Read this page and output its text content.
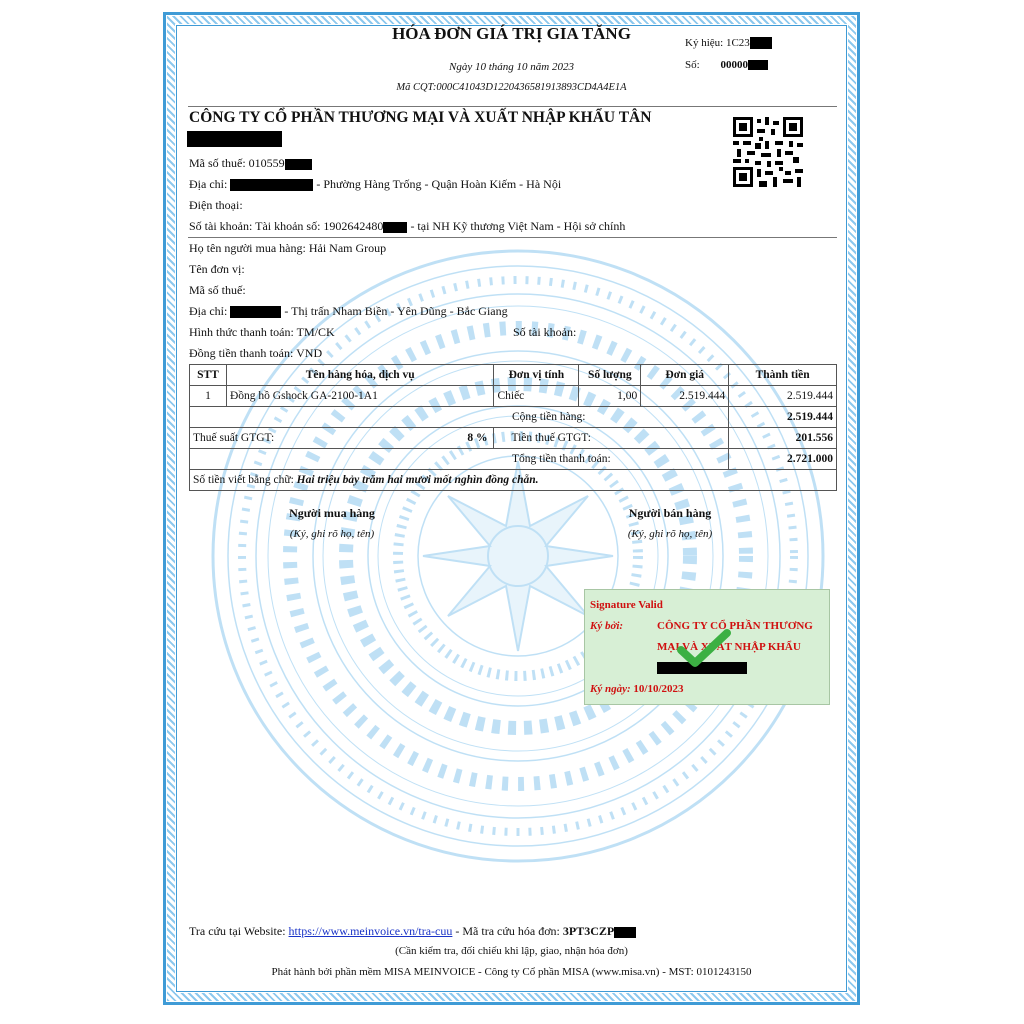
HÓA ĐƠN GIÁ TRỊ GIA TĂNG
Ngày 10 tháng 10 năm 2023
Mã CQT:000C41043D1220436581913893CD4A4E1A
Ký hiệu: 1C23
Số: 00000
CÔNG TY CỔ PHẦN THƯƠNG MẠI VÀ XUẤT NHẬP KHẨU TÂN
Mã số thuế: 010559
Địa chỉ:	- Phường Hàng Trống - Quận Hoàn Kiếm - Hà Nội
Điện thoại:
Số tài khoản: Tài khoản số: 1902642480 - tại NH Kỹ thương Việt Nam - Hội sở chính
Họ tên người mua hàng: Hải Nam Group
Tên đơn vị:
Mã số thuế:
Địa chỉ:	- Thị trấn Nham Biền - Yên Dũng - Bắc Giang
Hình thức thanh toán: TM/CK	Số tài khoản:
Đồng tiền thanh toán: VND
STT	Tên hàng hóa, dịch vụ	Đơn vị tính	Số lượng	Đơn giá	Thành tiền
1	Đồng hồ Gshock GA-2100-1A1	Chiếc	1,00	2.519.444	2.519.444
Cộng tiền hàng:					2.519.444
Thuế suất GTGT: 8 %		Tiền thuế GTGT:			201.556
Tổng tiền thanh toán:					2.721.000
Số tiền viết bằng chữ: Hai triệu bảy trăm hai mươi mốt nghìn đồng chẵn.					
Người mua hàng
(Ký, ghi rõ họ, tên)
Người bán hàng
(Ký, ghi rõ họ, tên)
Signature Valid
Ký bởi:	CÔNG TY CỔ PHẦN THƯƠNG
MẠI VÀ XUẤT NHẬP KHẨU
Ký ngày: 10/10/2023
Tra cứu tại Website: https://www.meinvoice.vn/tra-cuu - Mã tra cứu hóa đơn: 3PT3CZP
(Cần kiểm tra, đối chiếu khi lập, giao, nhận hóa đơn)
Phát hành bởi phần mềm MISA MEINVOICE - Công ty Cổ phần MISA (www.misa.vn) - MST: 0101243150
